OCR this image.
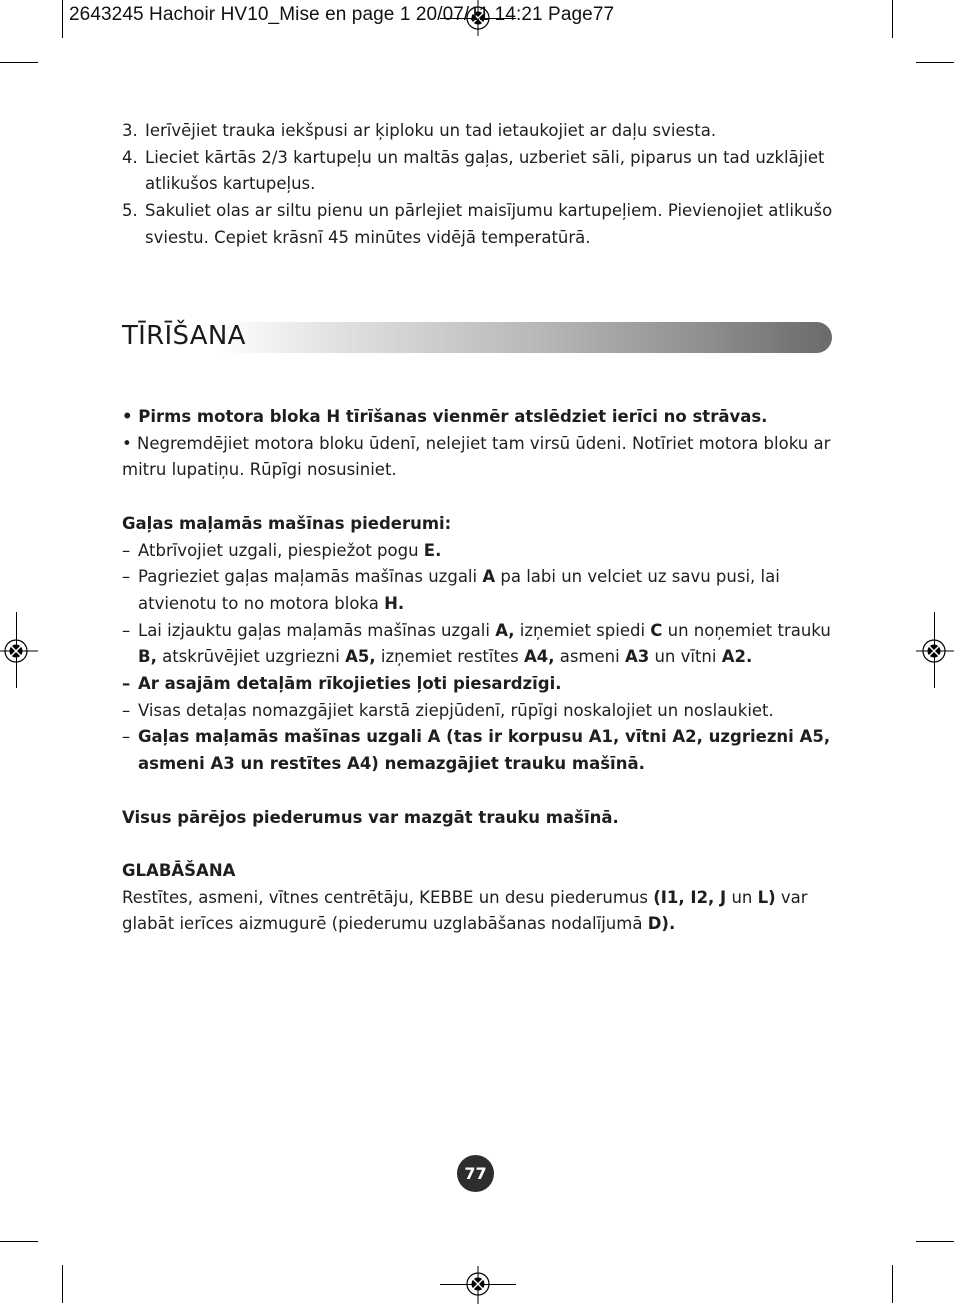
2643245 Hachoir HV10_Mise en page 1 20/07/11 14:21 Page77
3. Ierīvējiet trauka iekšpusi ar ķiploku un tad ietaukojiet ar daļu sviesta.
4. Lieciet kārtās 2/3 kartupeļu un maltās gaļas, uzberiet sāli, piparus un tad uzklājiet atlikušos kartupeļus.
5. Sakuliet olas ar siltu pienu un pārlejiet maisījumu kartupeļiem. Pievienojiet atlikušo sviestu. Cepiet krāsnī 45 minūtes vidējā temperatūrā.
TĪRĪŠANA

• Pirms motora bloka H tīrīšanas vienmēr atslēdziet ierīci no strāvas.

• Negremdējiet motora bloku ūdenī, nelejiet tam virsū ūdeni. Notīriet motora bloku ar mitru lupatiņu. Rūpīgi nosusiniet.

Gaļas maļamās mašīnas piederumi:

– Atbrīvojiet uzgali, piespiežot pogu E.
– Pagrieziet gaļas maļamās mašīnas uzgali A pa labi un velciet uz savu pusi, lai atvienotu to no motora bloka H.
– Lai izjauktu gaļas maļamās mašīnas uzgali A, izņemiet spiedi C un noņemiet trauku B, atskrūvējiet uzgriezni A5, izņemiet restītes A4, asmeni A3 un vītni A2.
– Ar asajām detaļām rīkojieties ļoti piesardzīgi.
– Visas detaļas nomazgājiet karstā ziepjūdenī, rūpīgi noskalojiet un noslaukiet.
– Gaļas maļamās mašīnas uzgali A (tas ir korpusu A1, vītni A2, uzgriezni A5, asmeni A3 un restītes A4) nemazgājiet trauku mašīnā.

Visus pārējos piederumus var mazgāt trauku mašīnā.

GLABĀŠANA

Restītes, asmeni, vītnes centrētāju, KEBBE un desu piederumus (I1, I2, J un L) var glabāt ierīces aizmugurē (piederumu uzglabāšanas nodalījumā D).

77
